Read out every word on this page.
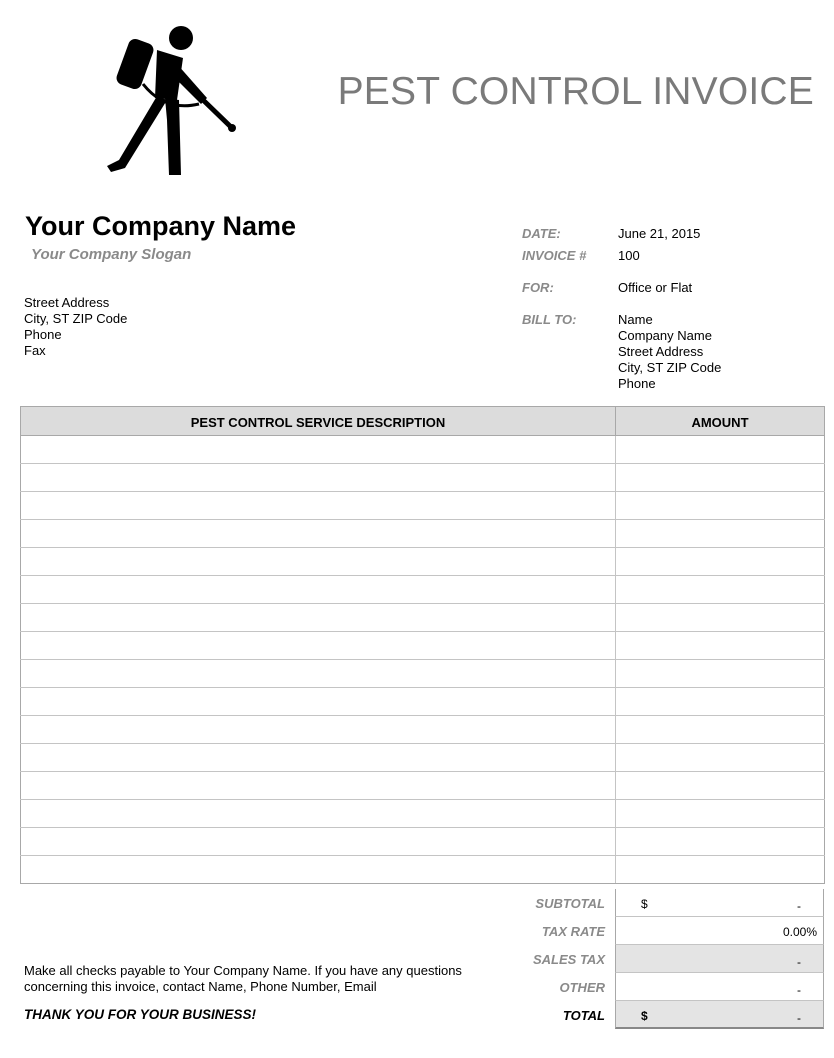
PEST CONTROL INVOICE
Your Company Name
Your Company Slogan
Street Address
City, ST ZIP Code
Phone
Fax
DATE:	June 21, 2015
INVOICE # 100
FOR:	Office or Flat
BILL TO:	Name
Company Name
Street Address
City, ST ZIP Code
Phone
PEST CONTROL SERVICE DESCRIPTION	AMOUNT

SUBTOTAL	$	-
TAX RATE	0.00%
SALES TAX	-
OTHER	-
TOTAL	$	-
Make all checks payable to Your Company Name. If you have any questions concerning this invoice, contact Name, Phone Number, Email
THANK YOU FOR YOUR BUSINESS!
